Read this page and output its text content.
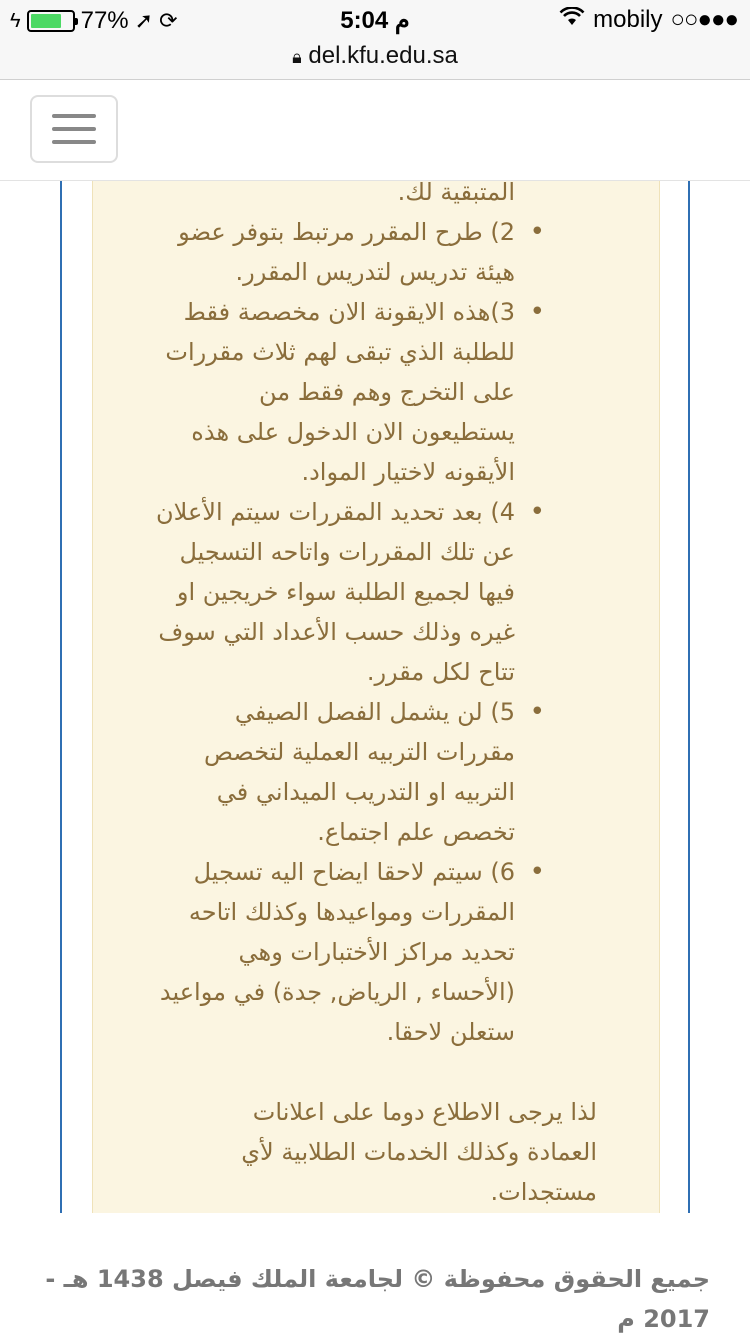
ϟ	77% ➚ ⟳	5:04 م	mobily ○○●●●
🔒︎ del.kfu.edu.sa
المتبقية لك.
• 2) طرح المقرر مرتبط بتوفر عضو هيئة تدريس لتدريس المقرر.
• 3)هذه الايقونة الان مخصصة فقط للطلبة الذي تبقى لهم ثلاث مقررات على التخرج وهم فقط من يستطيعون الان الدخول على هذه الأيقونه لاختيار المواد.
• 4) بعد تحديد المقررات سيتم الأعلان عن تلك المقررات واتاحه التسجيل فيها لجميع الطلبة سواء خريجين او غيره وذلك حسب الأعداد التي سوف تتاح لكل مقرر.
• 5) لن يشمل الفصل الصيفي مقررات التربيه العملية لتخصص التربيه او التدريب الميداني في تخصص علم اجتماع.
• 6) سيتم لاحقا ايضاح اليه تسجيل المقررات ومواعيدها وكذلك اتاحه تحديد مراكز الأختبارات وهي (الأحساء , الرياض, جدة) في مواعيد ستعلن لاحقا.
لذا يرجى الاطلاع دوما على اعلانات العمادة وكذلك الخدمات الطلابية لأي مستجدات.
جميع الحقوق محفوظة © لجامعة الملك فيصل 1438 هـ - 2017 م
